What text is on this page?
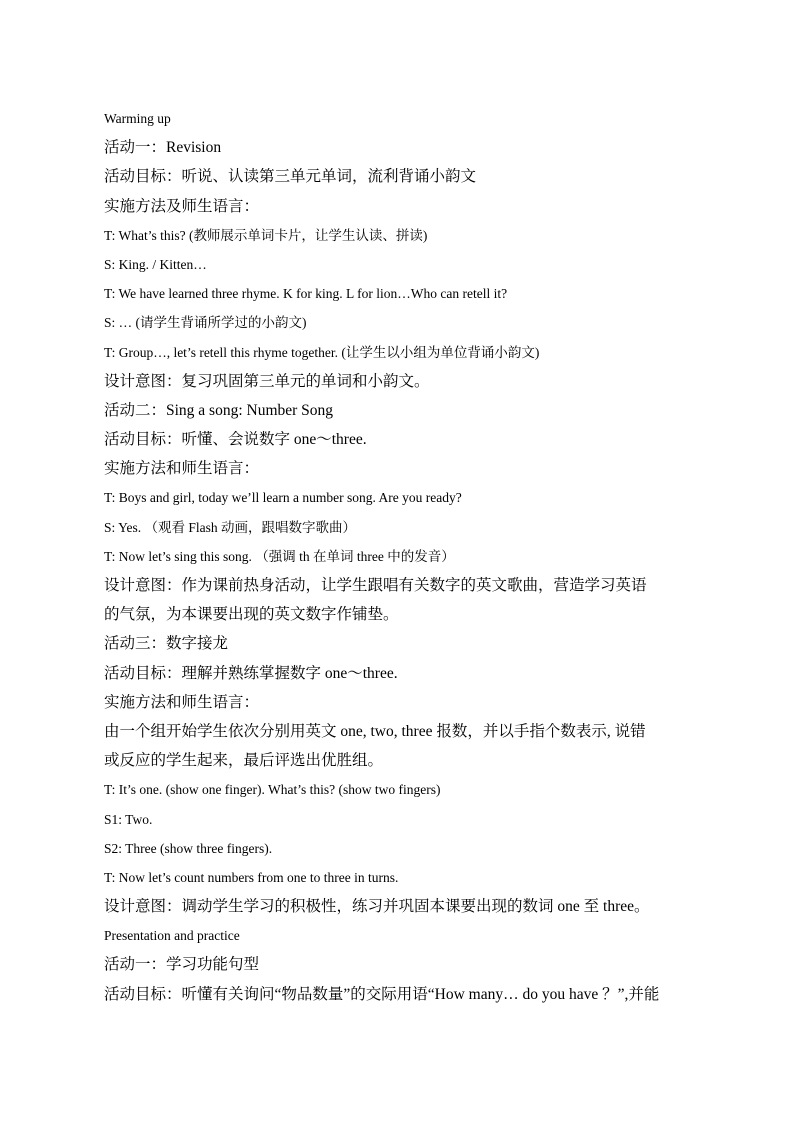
Warming up
活动一：Revision
活动目标：听说、认读第三单元单词，流利背诵小韵文
实施方法及师生语言：
T: What’s this? (教师展示单词卡片，让学生认读、拼读)
S: King. / Kitten…
T: We have learned three rhyme. K for king. L for lion…Who can retell it?
S: … (请学生背诵所学过的小韵文)
T: Group…, let’s retell this rhyme together. (让学生以小组为单位背诵小韵文)
设计意图：复习巩固第三单元的单词和小韵文。
活动二：Sing a song: Number Song
活动目标：听懂、会说数字 one～three.
实施方法和师生语言：
T: Boys and girl, today we’ll learn a number song. Are you ready?
S: Yes. （观看 Flash 动画，跟唱数字歌曲）
T: Now let’s sing this song. （强调 th 在单词 three 中的发音）
设计意图：作为课前热身活动，让学生跟唱有关数字的英文歌曲，营造学习英语
的气氛，为本课要出现的英文数字作铺垫。
活动三：数字接龙
活动目标：理解并熟练掌握数字 one～three.
实施方法和师生语言：
由一个组开始学生依次分别用英文 one, two, three 报数，并以手指个数表示, 说错
或反应的学生起来，最后评选出优胜组。
T: It’s one. (show one finger). What’s this? (show two fingers)
S1: Two.
S2: Three (show three fingers).
T: Now let’s count numbers from one to three in turns.
设计意图：调动学生学习的积极性，练习并巩固本课要出现的数词 one 至 three。
Presentation and practice
活动一：学习功能句型
活动目标：听懂有关询问“物品数量”的交际用语“How many… do you have ？”,并能
